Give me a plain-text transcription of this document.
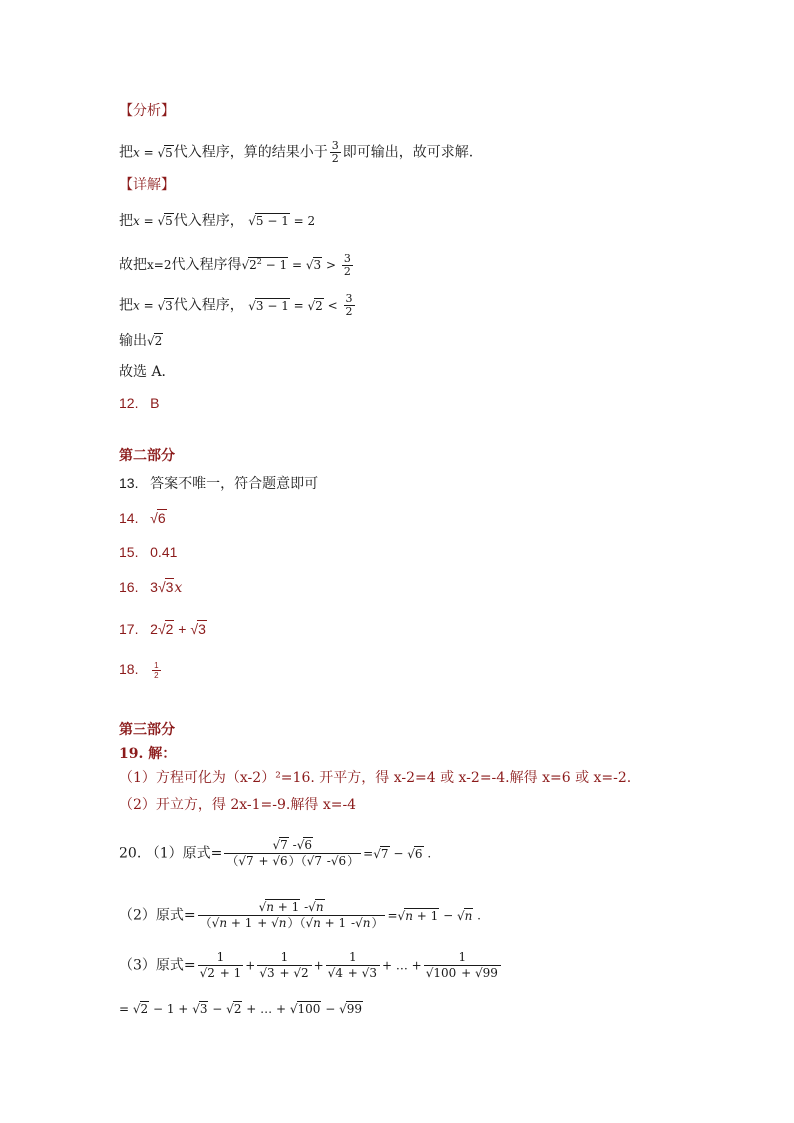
【分析】
把x = √5代入程序，算的结果小于 $\frac{3}{2}$ 即可输出，故可求解.
【详解】
把x = √5代入程序， √5 − 1 = 2
故把x=2代入程序得$√2^2 - 1 = √3 > \frac{3}{2}$
把x = √3代入程序， $√3 - 1 = √2 < \frac{3}{2}$
输出√2
故选 A．
12. B
第二部分
13. 答案不唯一，符合题意即可
14. √6
15. 0.41
16. 3√3x
17. 2√2 + √3
18. $\frac{1}{2}$
第三部分
19. 解：
（1）方程可化为（x-2）²=16. 开平方，得 x-2=4 或 x-2=-4.解得 x=6 或 x=-2.
（2）开立方，得 2x-1=-9.解得 x=-4
20. （1）原式= $\frac{√7 -√6}{(√7 + √6)(√7 -√6)} =√7 - √6$ .
（2）原式= $\frac{√n + 1 -√n}{(√n + 1 + √n)(√n + 1 -√n)} =√n + 1 - √n$ .
（3）原式= $\frac{1}{√2 + 1} + \frac{1}{√3 + √2} + \frac{1}{√4 + √3}$ + … + $\frac{1}{√100 + √99}$
= √2 − 1 + √3 − √2 + … + √100 − √99
